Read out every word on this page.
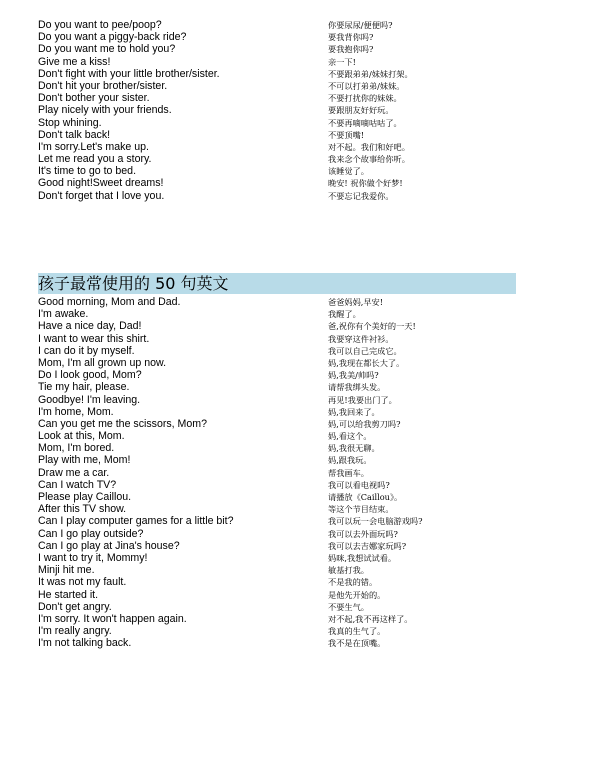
Do you want to pee/poop?	你要尿尿/便便吗?
Do you want a piggy-back ride?	要我背你吗?
Do you want me to hold you?	要我抱你吗?
Give me a kiss!	亲一下!
Don't fight with your little brother/sister.	不要跟弟弟/妹妹打架。
Don't hit your brother/sister.	不可以打弟弟/妹妹。
Don't bother your sister.	不要打扰你的妹妹。
Play nicely with your friends.	要跟朋友好好玩。
Stop whining.	不要再嘀嘀咕咕了。
Don't talk back!	不要顶嘴!
I'm sorry.Let's make up.	对不起。我们和好吧。
Let me read you a story.	我来念个故事给你听。
It's time to go to bed.	该睡觉了。
Good night!Sweet dreams!	晚安! 祝你做个好梦!
Don't forget that I love you.	不要忘记我爱你。
孩子最常使用的 50 句英文
Good morning, Mom and Dad.	爸爸妈妈,早安!
I'm awake.	我醒了。
Have a nice day, Dad!	爸,祝你有个美好的一天!
I want to wear this shirt.	我要穿这件衬衫。
I can do it by myself.	我可以自己完成它。
Mom, I'm all grown up now.	妈,我现在都长大了。
Do I look good, Mom?	妈,我美/帅吗?
Tie my hair, please.	请帮我绑头发。
Goodbye! I'm leaving.	再见!我要出门了。
I'm home, Mom.	妈,我回来了。
Can you get me the scissors, Mom?	妈,可以给我剪刀吗?
Look at this, Mom.	妈,看这个。
Mom, I'm bored.	妈,我很无聊。
Play with me, Mom!	妈,跟我玩。
Draw me a car.	帮我画车。
Can I watch TV?	我可以看电视吗?
Please play Caillou.	请播放《Caillou》。
After this TV show.	等这个节目结束。
Can I play computer games for a little bit?	我可以玩一会电脑游戏吗?
Can I go play outside?	我可以去外面玩吗?
Can I go play at Jina's house?	我可以去吉娜家玩吗?
I want to try it, Mommy!	妈咪,我想试试看。
Minji hit me.	敏基打我。
It was not my fault.	不是我的错。
He started it.	是他先开始的。
Don't get angry.	不要生气。
I'm sorry. It won't happen again.	对不起,我不再这样了。
I'm really angry.	我真的生气了。
I'm not talking back.	我不是在顶嘴。
